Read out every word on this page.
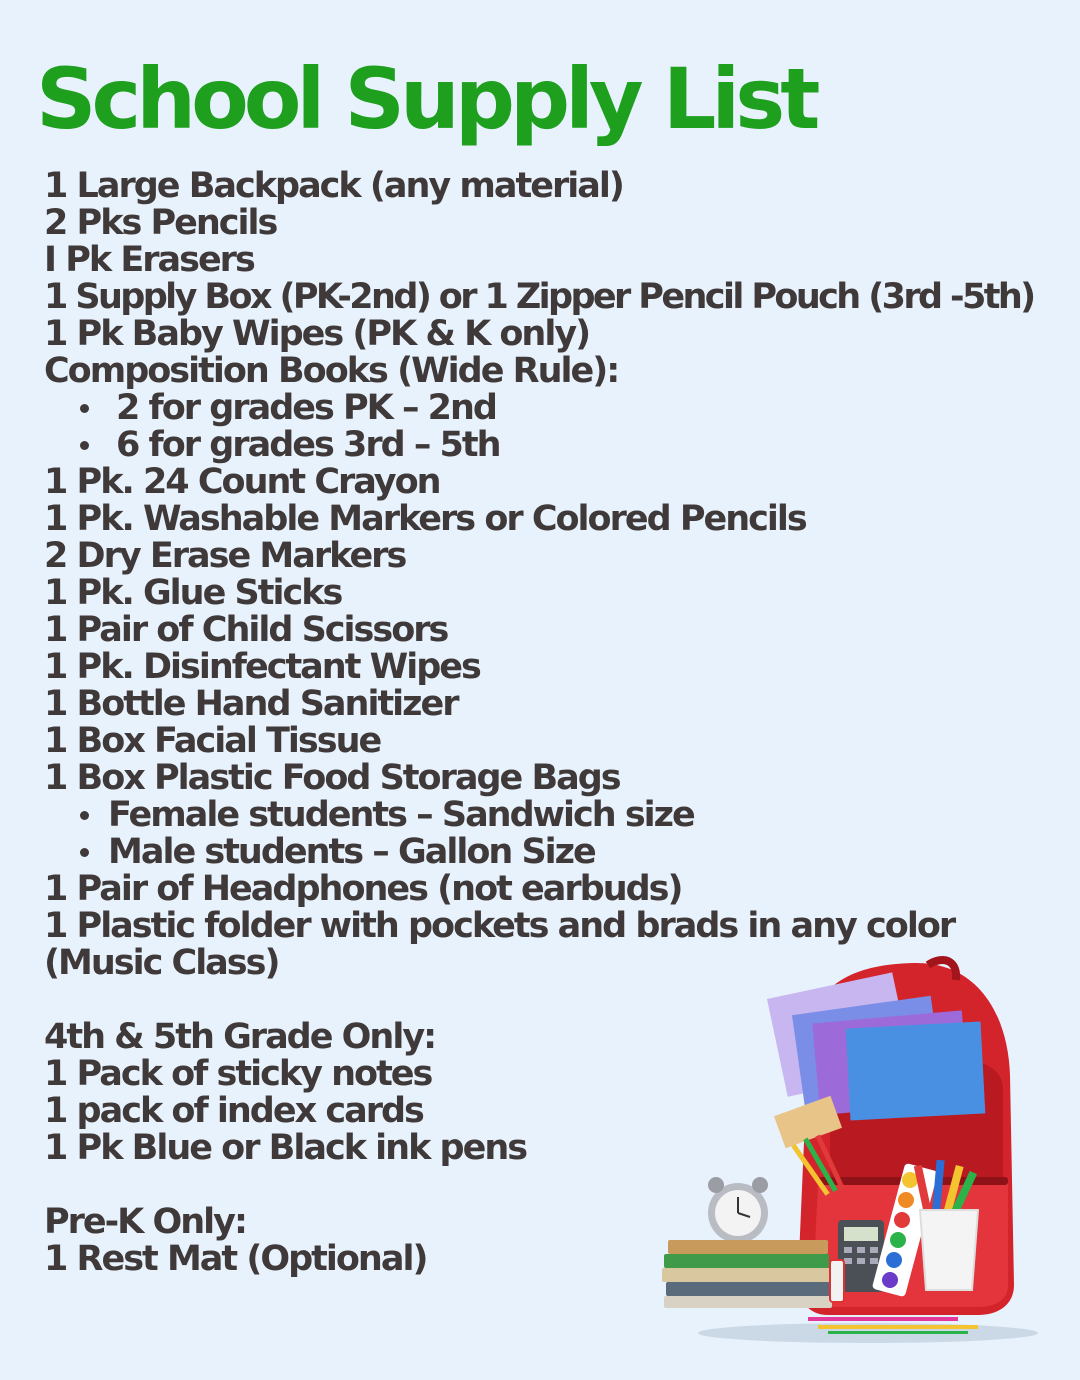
School Supply List
1 Large Backpack (any material)
2 Pks Pencils
I Pk Erasers
1 Supply Box (PK-2nd) or 1 Zipper Pencil Pouch (3rd -5th)
1 Pk Baby Wipes (PK & K only)
Composition Books (Wide Rule):
2 for grades PK – 2nd
6 for grades 3rd – 5th
1 Pk. 24 Count Crayon
1 Pk. Washable Markers or Colored Pencils
2 Dry Erase Markers
1 Pk. Glue Sticks
1 Pair of Child Scissors
1 Pk. Disinfectant Wipes
1 Bottle Hand Sanitizer
1 Box Facial Tissue
1 Box Plastic Food Storage Bags
Female students – Sandwich size
Male students – Gallon Size
1 Pair of Headphones (not earbuds)
1 Plastic folder with pockets and brads in any color
(Music Class)
4th & 5th Grade Only:
1 Pack of sticky notes
1 pack of index cards
1 Pk Blue or Black ink pens
Pre-K Only:
1 Rest Mat (Optional)
